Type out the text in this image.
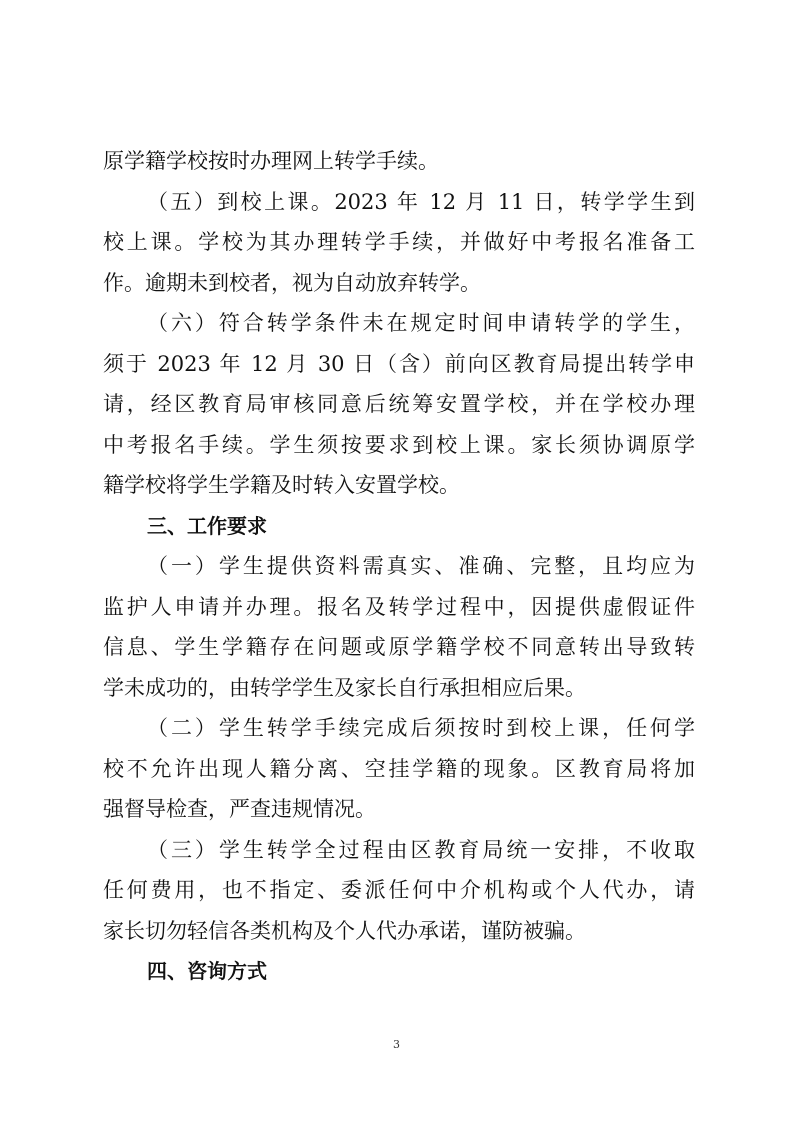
原学籍学校按时办理网上转学手续。
（五）到校上课。2023 年 12 月 11 日，转学学生到
校上课。学校为其办理转学手续，并做好中考报名准备工
作。逾期未到校者，视为自动放弃转学。
（六）符合转学条件未在规定时间申请转学的学生，
须于 2023 年 12 月 30 日（含）前向区教育局提出转学申
请，经区教育局审核同意后统筹安置学校，并在学校办理
中考报名手续。学生须按要求到校上课。家长须协调原学
籍学校将学生学籍及时转入安置学校。
三、工作要求
（一）学生提供资料需真实、准确、完整，且均应为
监护人申请并办理。报名及转学过程中，因提供虚假证件
信息、学生学籍存在问题或原学籍学校不同意转出导致转
学未成功的，由转学学生及家长自行承担相应后果。
（二）学生转学手续完成后须按时到校上课，任何学
校不允许出现人籍分离、空挂学籍的现象。区教育局将加
强督导检查，严查违规情况。
（三）学生转学全过程由区教育局统一安排，不收取
任何费用，也不指定、委派任何中介机构或个人代办，请
家长切勿轻信各类机构及个人代办承诺，谨防被骗。
四、咨询方式
3
